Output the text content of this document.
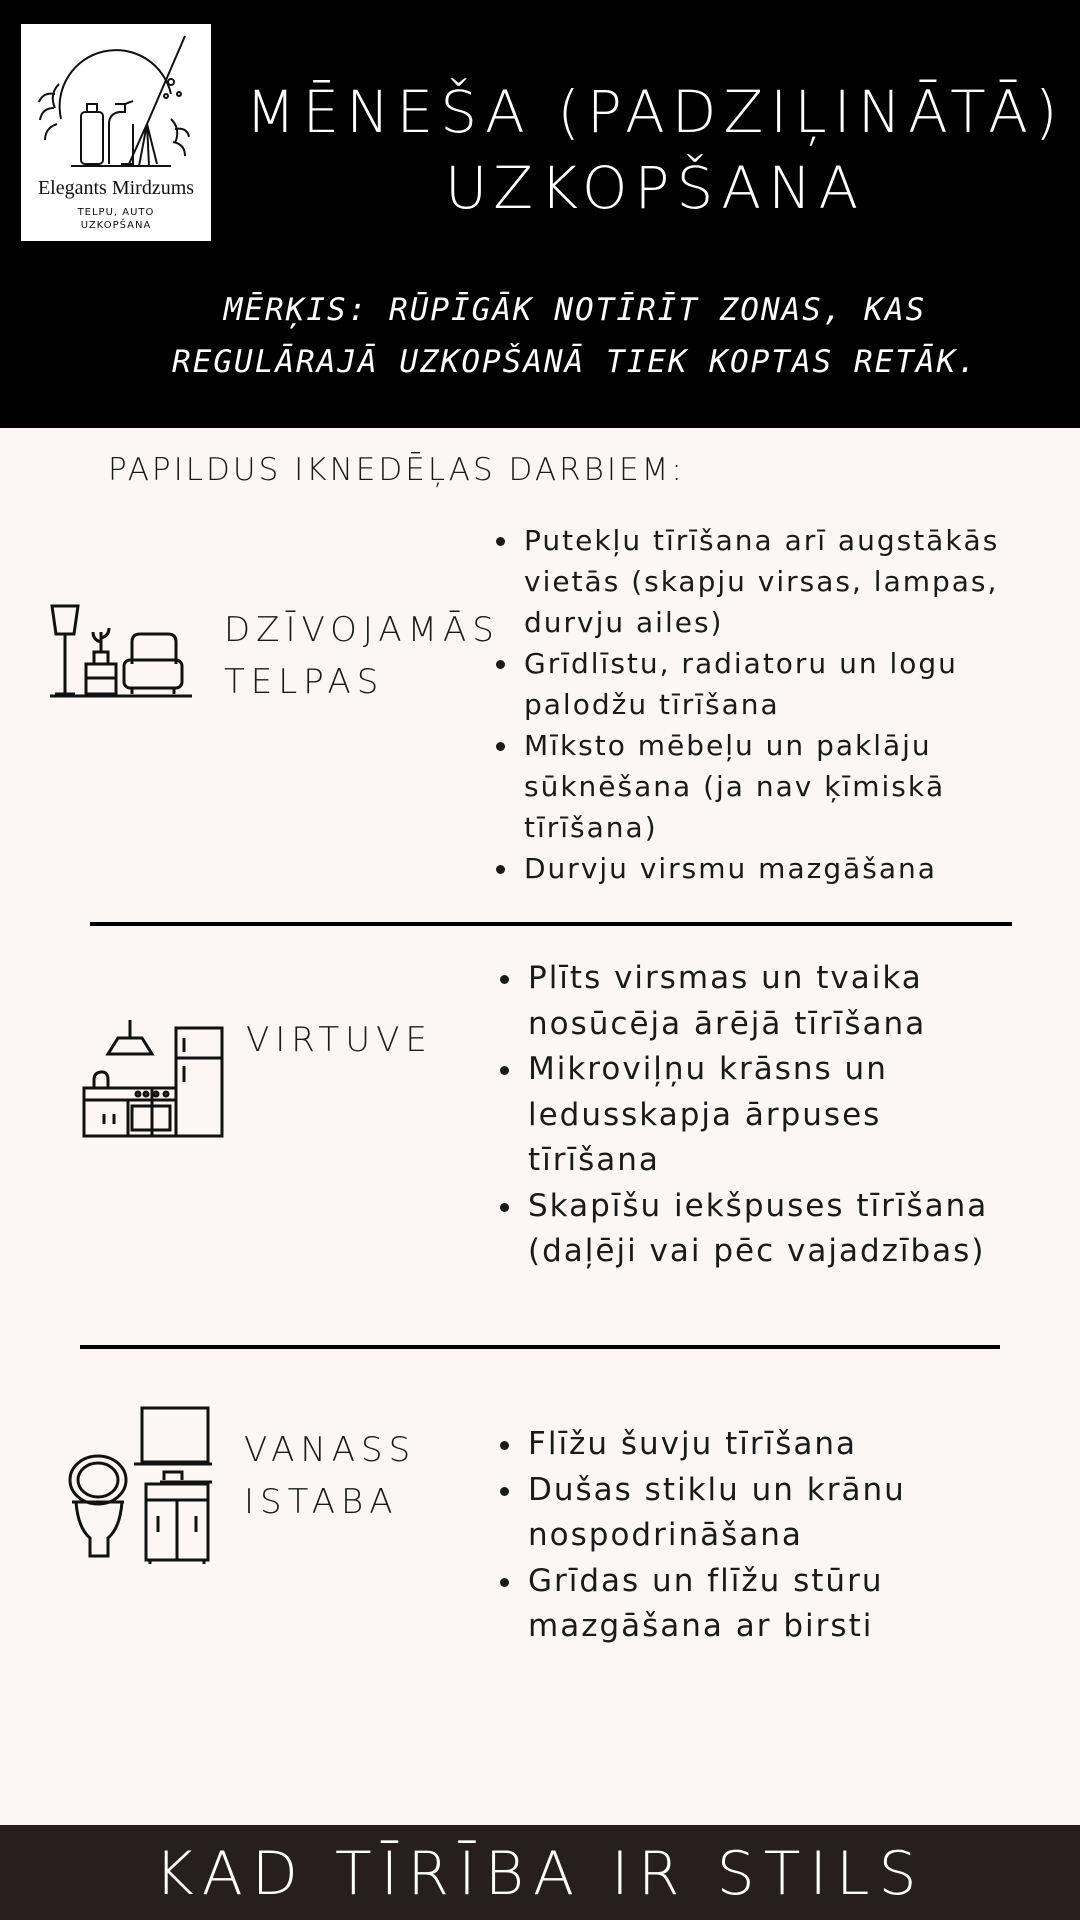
Elegants Mirdzums
TELPU, AUTO
UZKOPŠANA
MĒNEŠA (PADZIĻINĀTĀ)
UZKOPŠANA
MĒRĶIS: RŪPĪGĀK NOTĪRĪT ZONAS, KAS
REGULĀRAJĀ UZKOPŠANĀ TIEK KOPTAS RETĀK.
PAPILDUS IKNEDĒĻAS DARBIEM:
DZĪVOJAMĀS
TELPAS
Putekļu tīrīšana arī augstākās
vietās (skapju virsas, lampas,
durvju ailes)
Grīdlīstu, radiatoru un logu
palodžu tīrīšana
Mīksto mēbeļu un paklāju
sūknēšana (ja nav ķīmiskā
tīrīšana)
Durvju virsmu mazgāšana
VIRTUVE
Plīts virsmas un tvaika
nosūcēja ārējā tīrīšana
Mikroviļņu krāsns un
ledusskapja ārpuses
tīrīšana
Skapīšu iekšpuses tīrīšana
(daļēji vai pēc vajadzības)
VANASS
ISTABA
Flīžu šuvju tīrīšana
Dušas stiklu un krānu
nospodrināšana
Grīdas un flīžu stūru
mazgāšana ar birsti
KAD TĪRĪBA IR STILS
